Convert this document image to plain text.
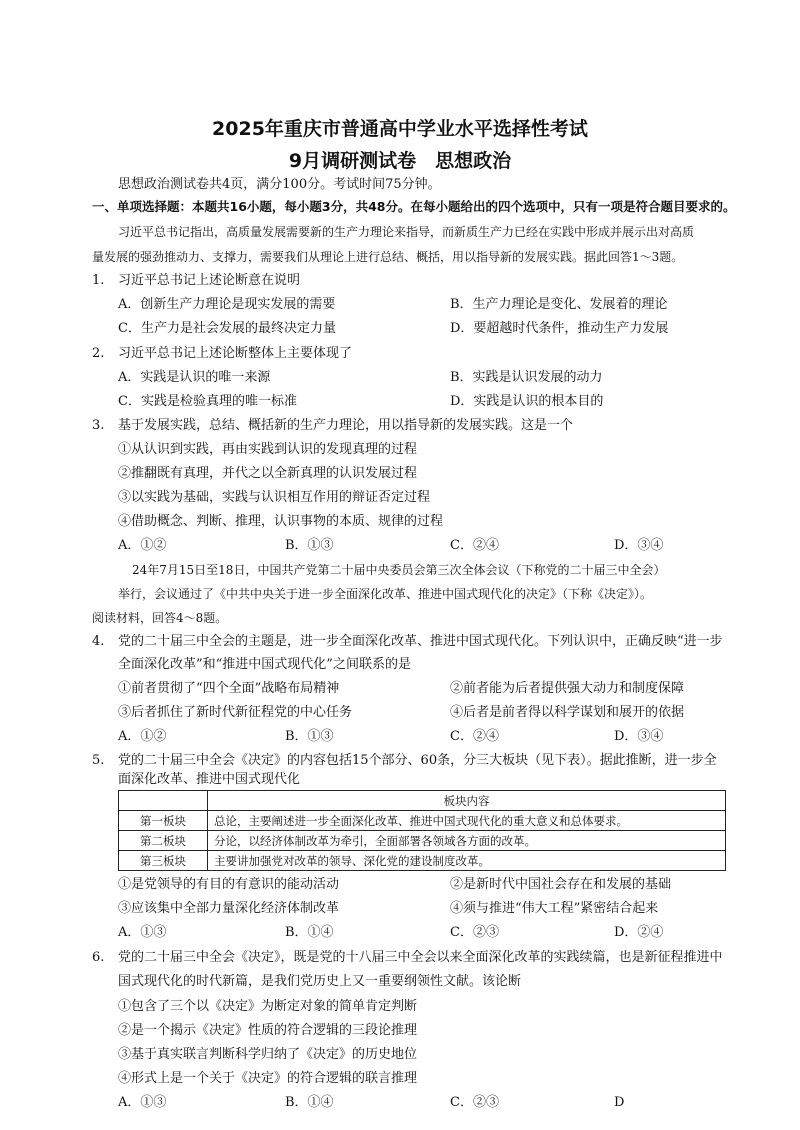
2025年重庆市普通高中学业水平选择性考试
9月调研测试卷　思想政治
思想政治测试卷共4页，满分100分。考试时间75分钟。
一、单项选择题：本题共16小题，每小题3分，共48分。在每小题给出的四个选项中，只有一项是符合题目要求的。
习近平总书记指出，高质量发展需要新的生产力理论来指导，而新质生产力已经在实践中形成并展示出对高质
量发展的强劲推动力、支撑力，需要我们从理论上进行总结、概括，用以指导新的发展实践。据此回答1～3题。
1. 习近平总书记上述论断意在说明
A．创新生产力理论是现实发展的需要	B．生产力理论是变化、发展着的理论
C．生产力是社会发展的最终决定力量	D．要超越时代条件，推动生产力发展
2. 习近平总书记上述论断整体上主要体现了
A．实践是认识的唯一来源	B．实践是认识发展的动力
C．实践是检验真理的唯一标准	D．实践是认识的根本目的
3. 基于发展实践，总结、概括新的生产力理论，用以指导新的发展实践。这是一个
①从认识到实践，再由实践到认识的发现真理的过程
②推翻既有真理，并代之以全新真理的认识发展过程
③以实践为基础，实践与认识相互作用的辩证否定过程
④借助概念、判断、推理，认识事物的本质、规律的过程
A．①②	B．①③	C．②④	D．③④
24年7月15日至18日，中国共产党第二十届中央委员会第三次全体会议（下称党的二十届三中全会）
举行，会议通过了《中共中央关于进一步全面深化改革、推进中国式现代化的决定》（下称《决定》）。
阅读材料，回答4～8题。
4. 党的二十届三中全会的主题是，进一步全面深化改革、推进中国式现代化。下列认识中，正确反映“进一步
全面深化改革”和“推进中国式现代化”之间联系的是
①前者贯彻了“四个全面”战略布局精神	②前者能为后者提供强大动力和制度保障
③后者抓住了新时代新征程党的中心任务	④后者是前者得以科学谋划和展开的依据
A．①②	B．①③	C．②④	D．③④
5. 党的二十届三中全会《决定》的内容包括15个部分、60条，分三大板块（见下表）。据此推断，进一步全
面深化改革、推进中国式现代化
	板块内容
第一板块	总论，主要阐述进一步全面深化改革、推进中国式现代化的重大意义和总体要求。
第二板块	分论，以经济体制改革为牵引，全面部署各领域各方面的改革。
第三板块	主要讲加强党对改革的领导、深化党的建设制度改革。
①是党领导的有目的有意识的能动活动	②是新时代中国社会存在和发展的基础
③应该集中全部力量深化经济体制改革	④须与推进“伟大工程”紧密结合起来
A．①③	B．①④	C．②③	D．②④
6. 党的二十届三中全会《决定》，既是党的十八届三中全会以来全面深化改革的实践续篇，也是新征程推进中
国式现代化的时代新篇，是我们党历史上又一重要纲领性文献。该论断
①包含了三个以《决定》为断定对象的简单肯定判断
②是一个揭示《决定》性质的符合逻辑的三段论推理
③基于真实联言判断科学归纳了《决定》的历史地位
④形式上是一个关于《决定》的符合逻辑的联言推理
A．①③	B．①④	C．②③	D
